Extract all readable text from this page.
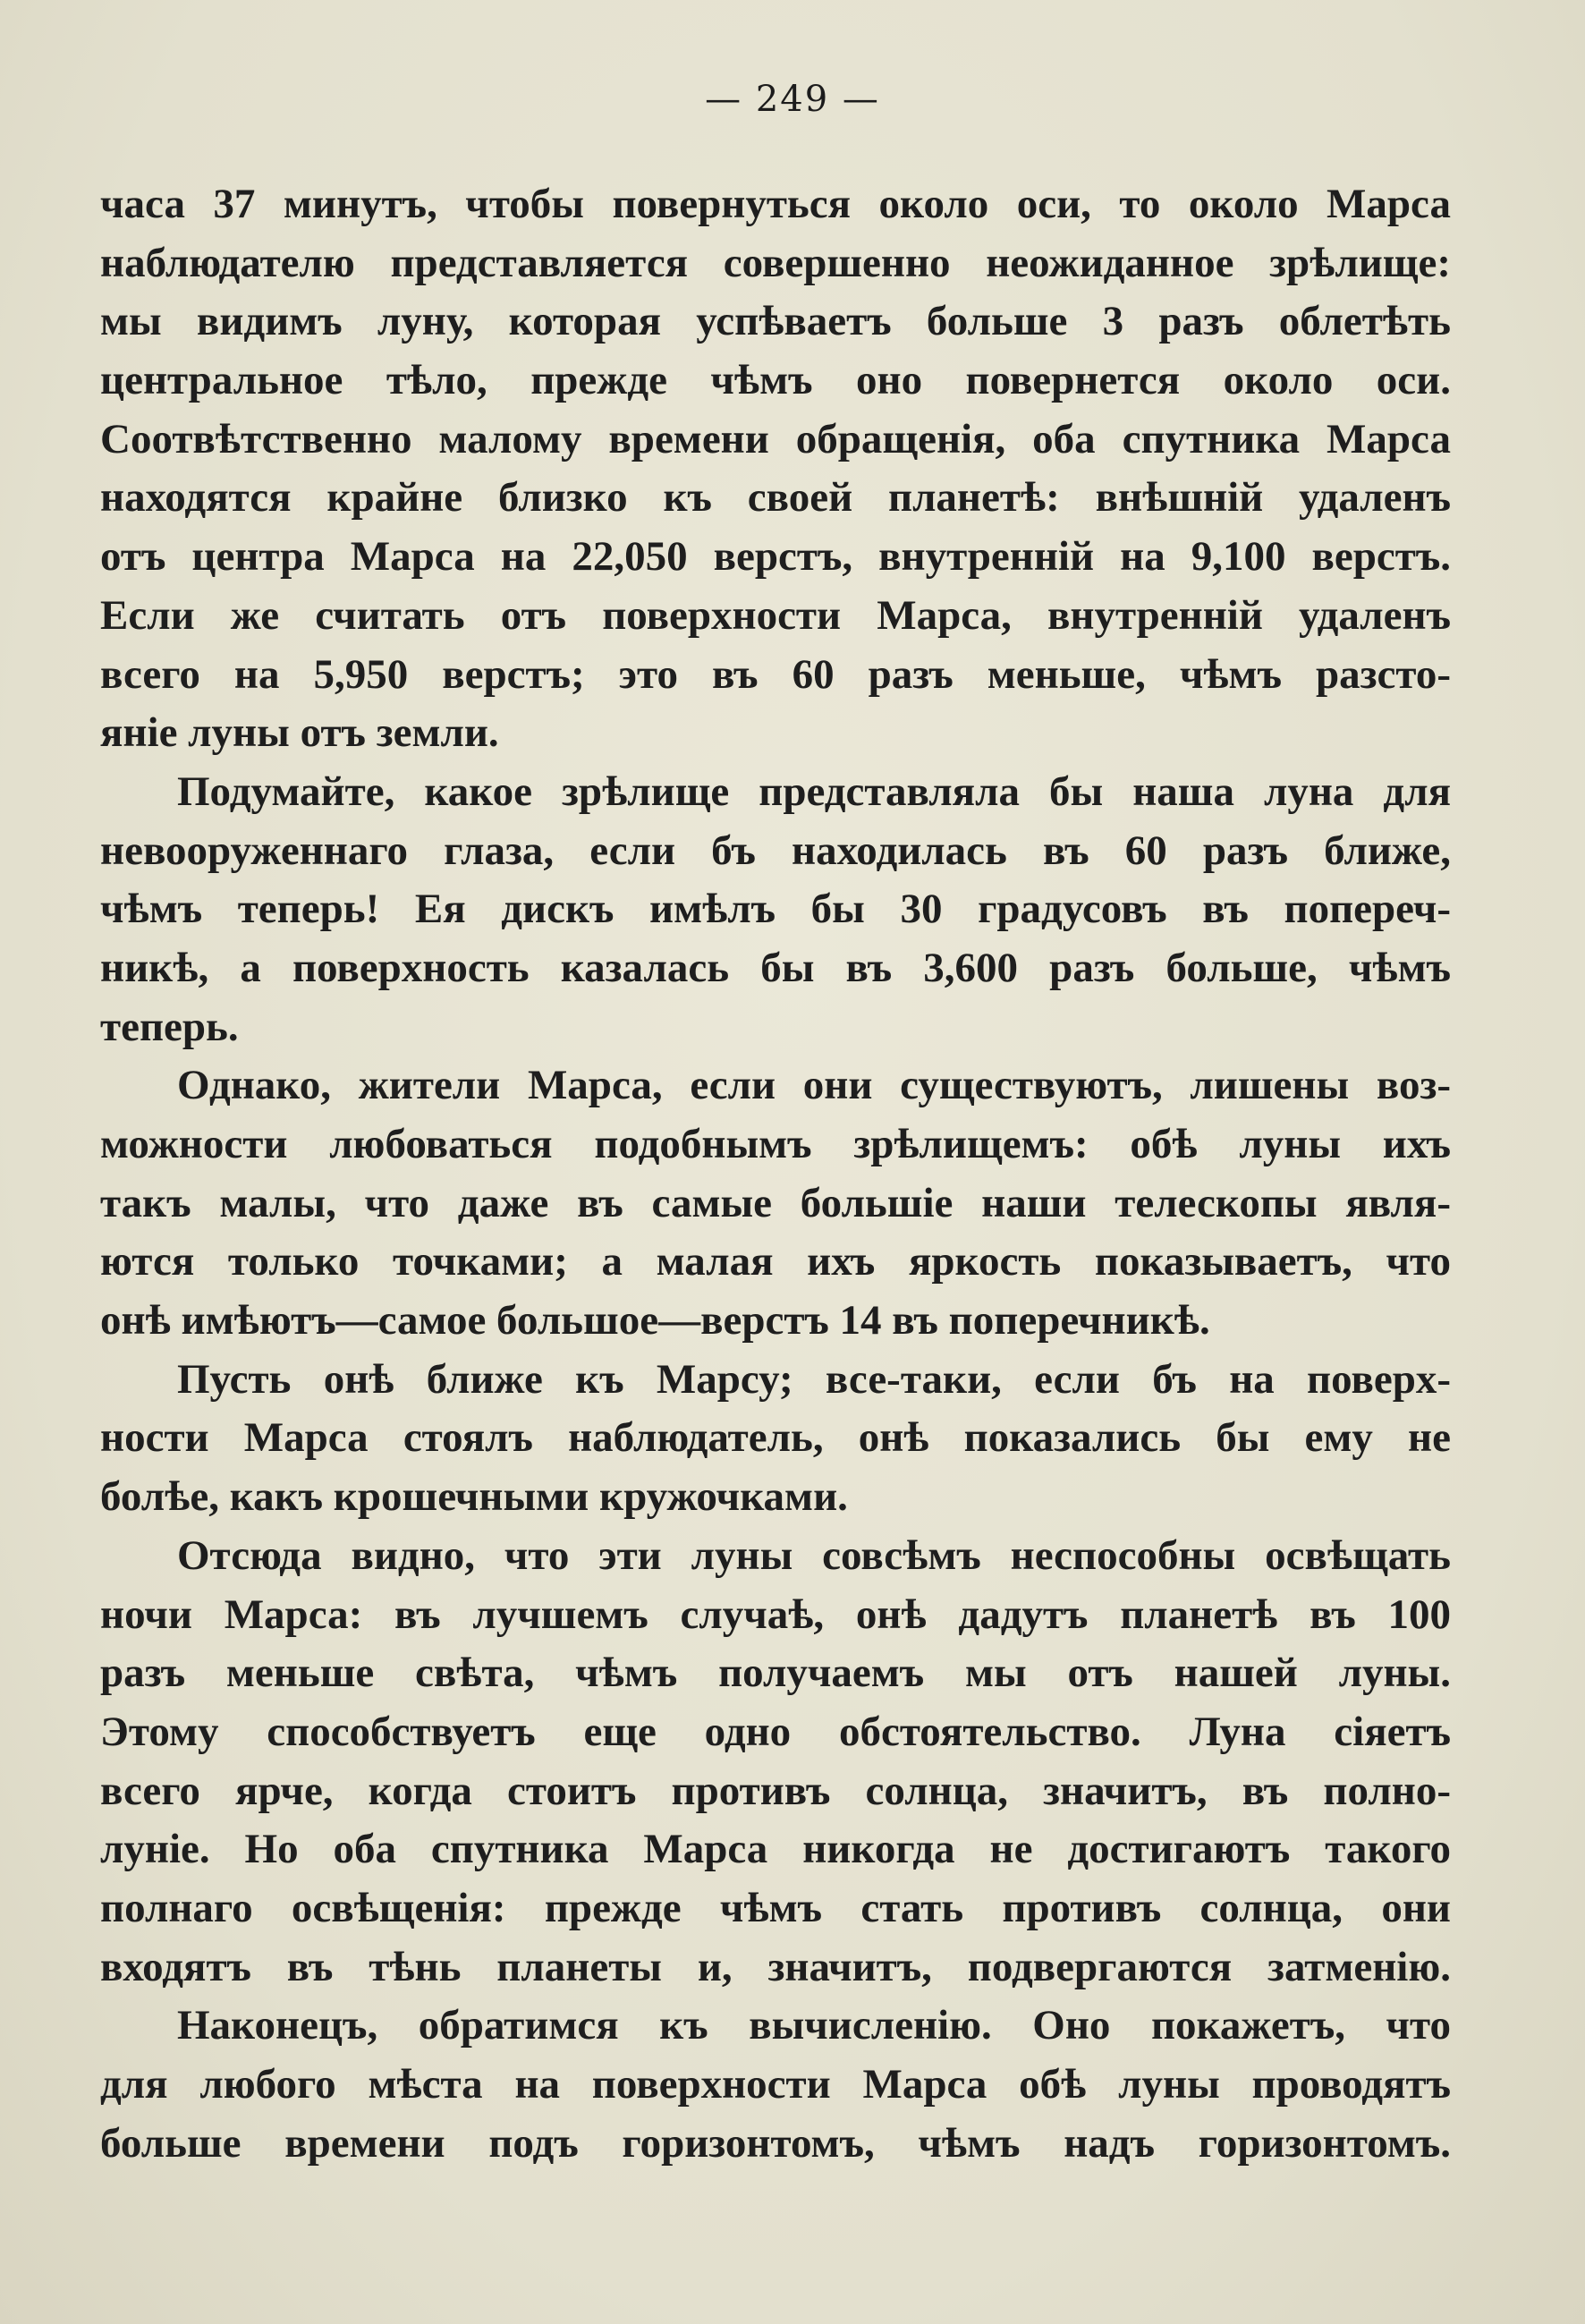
— 249 —
часа 37 минутъ, чтобы повернуться около оси, то около Марса
наблюдателю представляется совершенно неожиданное зрѣлище:
мы видимъ луну, которая успѣваетъ больше 3 разъ облетѣть
центральное тѣло, прежде чѣмъ оно повернется около оси.
Соотвѣтственно малому времени обращенія, оба спутника Марса
находятся крайне близко къ своей планетѣ: внѣшній удаленъ
отъ центра Марса на 22,050 верстъ, внутренній на 9,100 верстъ.
Если же считать отъ поверхности Марса, внутренній удаленъ
всего на 5,950 верстъ; это въ 60 разъ меньше, чѣмъ разсто-
яніе луны отъ земли.
Подумайте, какое зрѣлище представляла бы наша луна для
невооруженнаго глаза, если бъ находилась въ 60 разъ ближе,
чѣмъ теперь! Ея дискъ имѣлъ бы 30 градусовъ въ попереч-
никѣ, а поверхность казалась бы въ 3,600 разъ больше, чѣмъ
теперь.
Однако, жители Марса, если они существуютъ, лишены воз-
можности любоваться подобнымъ зрѣлищемъ: обѣ луны ихъ
такъ малы, что даже въ самые большіе наши телескопы явля-
ются только точками; а малая ихъ яркость показываетъ, что
онѣ имѣютъ—самое большое—верстъ 14 въ поперечникѣ.
Пусть онѣ ближе къ Марсу; все-таки, если бъ на поверх-
ности Марса стоялъ наблюдатель, онѣ показались бы ему не
болѣе, какъ крошечными кружочками.
Отсюда видно, что эти луны совсѣмъ неспособны освѣщать
ночи Марса: въ лучшемъ случаѣ, онѣ дадутъ планетѣ въ 100
разъ меньше свѣта, чѣмъ получаемъ мы отъ нашей луны.
Этому способствуетъ еще одно обстоятельство. Луна сіяетъ
всего ярче, когда стоитъ противъ солнца, значитъ, въ полно-
луніе. Но оба спутника Марса никогда не достигаютъ такого
полнаго освѣщенія: прежде чѣмъ стать противъ солнца, они
входятъ въ тѣнь планеты и, значитъ, подвергаются затменію.
Наконецъ, обратимся къ вычисленію. Оно покажетъ, что
для любого мѣста на поверхности Марса обѣ луны проводятъ
больше времени подъ горизонтомъ, чѣмъ надъ горизонтомъ.
